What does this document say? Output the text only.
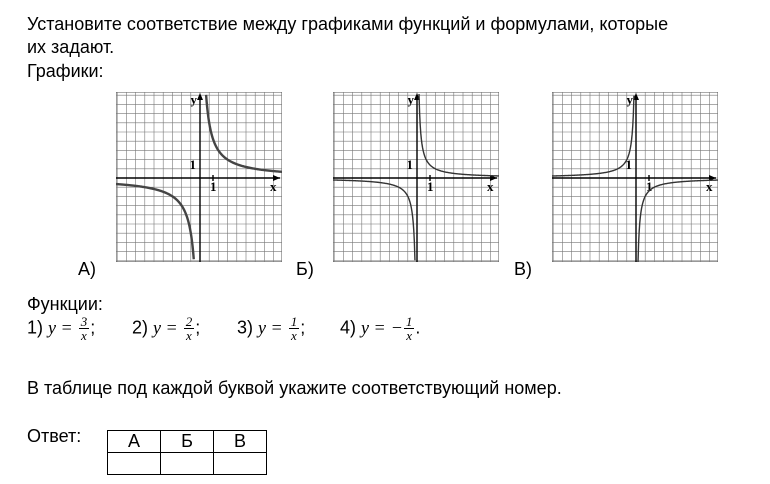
Установите соответствие между графиками функций и формулами, которые
их задают.
Графики:
y
x
1
1
y
x
1
1
y
x
1
1
А)	Б)	В)
Функции:
1) $y = \frac{3}{x}$ ; 2) $y = \frac{2}{x}$ ; 3) $y = \frac{1}{x}$ ; 4) y = − $\frac{1}{x}$ .
В таблице под каждой буквой укажите соответствующий номер.
Ответ:	А	Б	В
